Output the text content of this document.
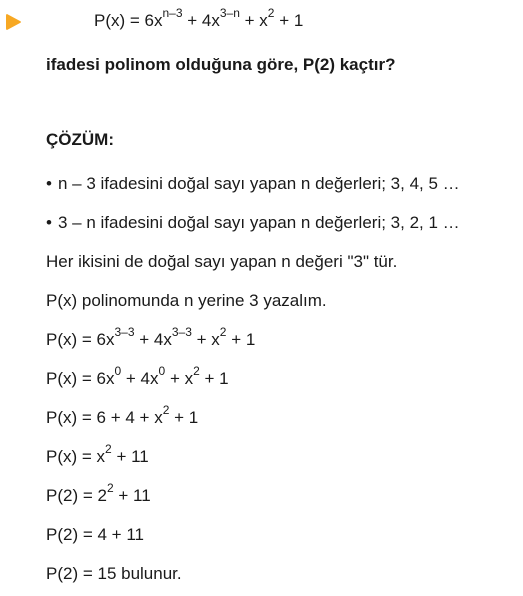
$P(x) = 6x^{n-3} + 4x^{3-n} + x^2 + 1$
ifadesi polinom olduğuna göre, P(2) kaçtır?
ÇÖZÜM:
• n – 3 ifadesini doğal sayı yapan n değerleri; 3, 4, 5 …
• 3 – n ifadesini doğal sayı yapan n değerleri; 3, 2, 1 …
Her ikisini de doğal sayı yapan n değeri "3" tür.
P(x) polinomunda n yerine 3 yazalım.
$P(x) = 6x^{3-3} + 4x^{3-3} + x^2 + 1$
$P(x) = 6x^0 + 4x^0 + x^2 + 1$
$P(x) = 6 + 4 + x^2 + 1$
$P(x) = x^2 + 11$
$P(2) = 2^2 + 11$
P(2) = 4 + 11
P(2) = 15 bulunur.
